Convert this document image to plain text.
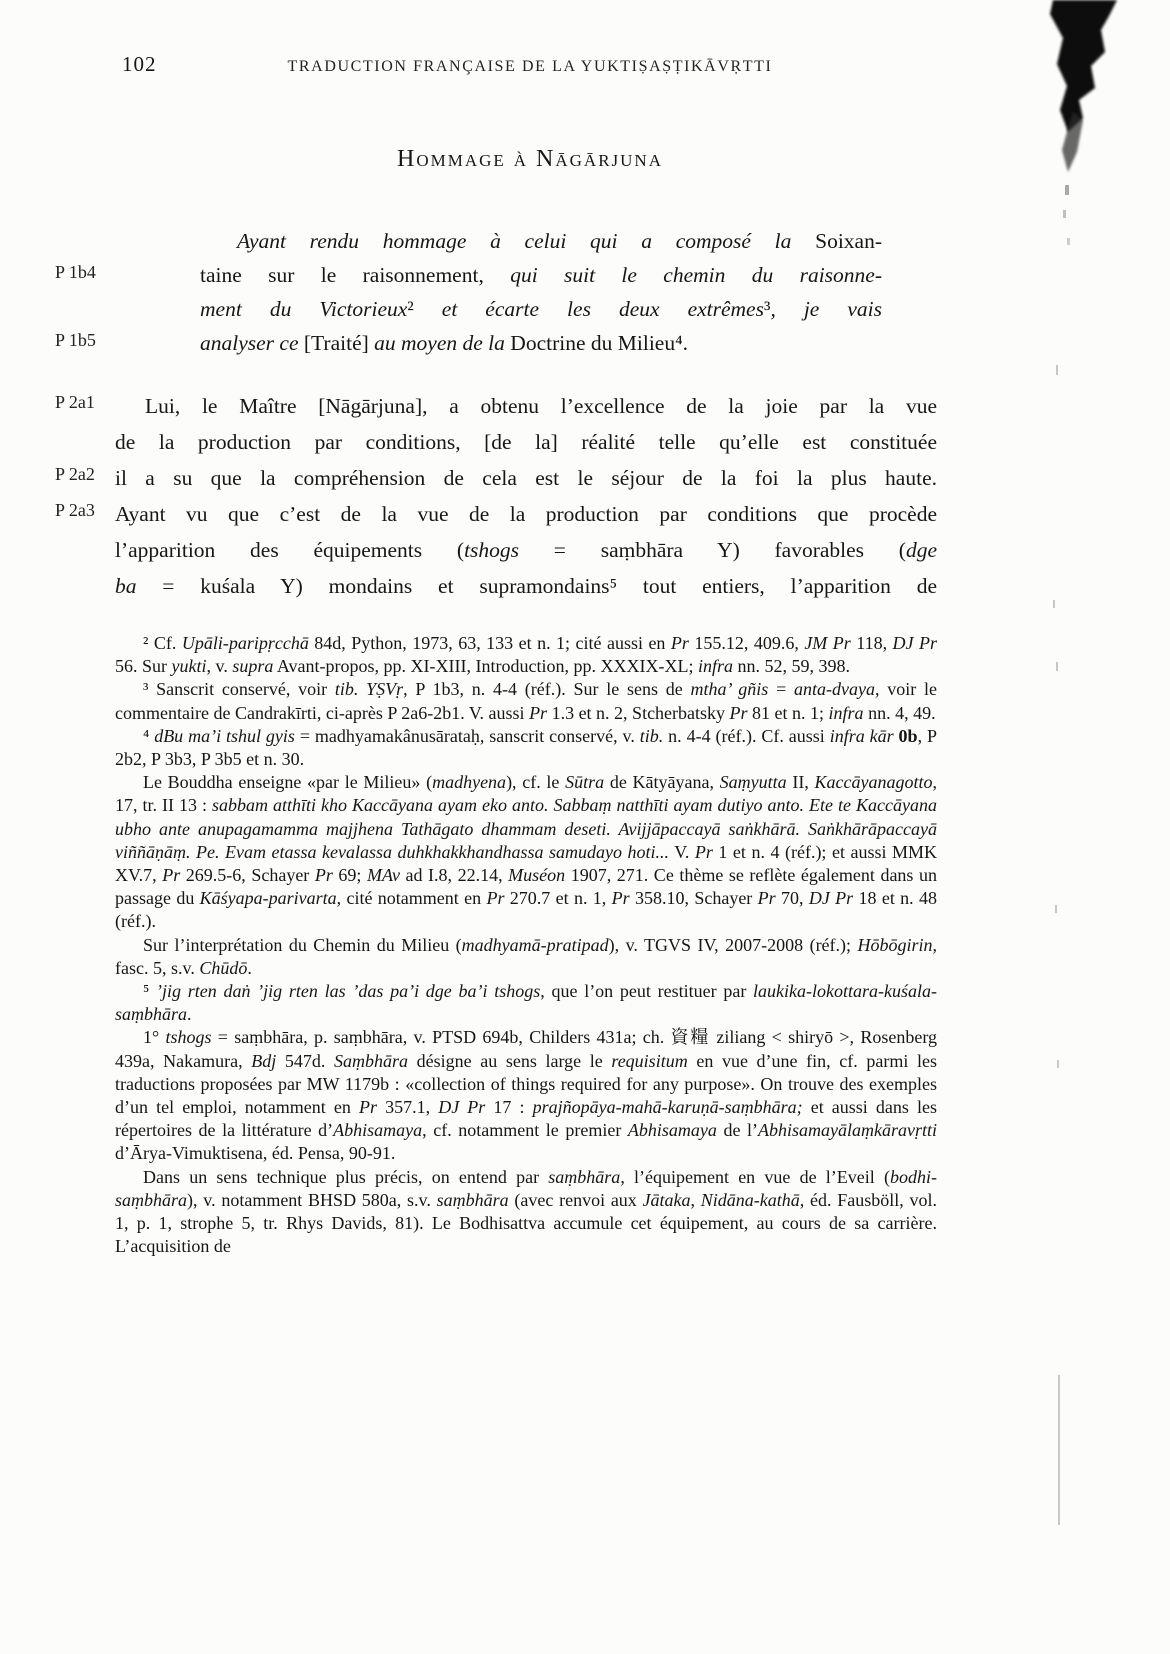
102	TRADUCTION FRANÇAISE DE LA YUKTIṢAṢṬIKĀVṚTTI
Hommage à Nāgārjuna
P 1b4
P 1b5
P 2a1
P 2a2
P 2a3
Ayant rendu hommage à celui qui a composé la Soixan-
taine sur le raisonnement, qui suit le chemin du raisonne-
ment du Victorieux² et écarte les deux extrêmes³, je vais
analyser ce [Traité] au moyen de la Doctrine du Milieu⁴.
Lui, le Maître [Nāgārjuna], a obtenu l’excellence de la joie par la vue
de la production par conditions, [de la] réalité telle qu’elle est constituée
il a su que la compréhension de cela est le séjour de la foi la plus haute.
Ayant vu que c’est de la vue de la production par conditions que procède
l’apparition des équipements (tshogs = saṃbhāra Y) favorables (dge
ba = kuśala Y) mondains et supramondains⁵ tout entiers, l’apparition de

² Cf. Upāli-paripṛcchā 84d, Python, 1973, 63, 133 et n. 1; cité aussi en Pr 155.12, 409.6, JM Pr 118, DJ Pr 56. Sur yukti, v. supra Avant-propos, pp. XI-XIII, Introduction, pp. XXXIX-XL; infra nn. 52, 59, 398.

³ Sanscrit conservé, voir tib. YṢVṛ, P 1b3, n. 4-4 (réf.). Sur le sens de mtha’ gñis = anta-dvaya, voir le commentaire de Candrakīrti, ci-après P 2a6-2b1. V. aussi Pr 1.3 et n. 2, Stcherbatsky Pr 81 et n. 1; infra nn. 4, 49.

⁴ dBu ma’i tshul gyis = madhyamakânusārataḥ, sanscrit conservé, v. tib. n. 4-4 (réf.). Cf. aussi infra kār 0b, P 2b2, P 3b3, P 3b5 et n. 30.

Le Bouddha enseigne «par le Milieu» (madhyena), cf. le Sūtra de Kātyāyana, Saṃyutta II, Kaccāyanagotto, 17, tr. II 13 : sabbam atthīti kho Kaccāyana ayam eko anto. Sabbaṃ natthīti ayam dutiyo anto. Ete te Kaccāyana ubho ante anupagamamma majjhena Tathāgato dhammam deseti. Avijjāpaccayā saṅkhārā. Saṅkhārāpaccayā viññāṇāṃ. Pe. Evam etassa kevalassa duhkhakkhandhassa samudayo hoti... V. Pr 1 et n. 4 (réf.); et aussi MMK XV.7, Pr 269.5-6, Schayer Pr 69; MAv ad I.8, 22.14, Muséon 1907, 271. Ce thème se reflète également dans un passage du Kāśyapa-parivarta, cité notamment en Pr 270.7 et n. 1, Pr 358.10, Schayer Pr 70, DJ Pr 18 et n. 48 (réf.).

Sur l’interprétation du Chemin du Milieu (madhyamā-pratipad), v. TGVS IV, 2007-2008 (réf.); Hōbōgirin, fasc. 5, s.v. Chūdō.

⁵ ’jig rten daṅ ’jig rten las ’das pa’i dge ba’i tshogs, que l’on peut restituer par laukika-lokottara-kuśala-saṃbhāra.

1° tshogs = saṃbhāra, p. saṃbhāra, v. PTSD 694b, Childers 431a; ch. 資糧 ziliang < shiryō >, Rosenberg 439a, Nakamura, Bdj 547d. Saṃbhāra désigne au sens large le requisitum en vue d’une fin, cf. parmi les traductions proposées par MW 1179b : «collection of things required for any purpose». On trouve des exemples d’un tel emploi, notamment en Pr 357.1, DJ Pr 17 : prajñopāya-mahā-karuṇā-saṃbhāra; et aussi dans les répertoires de la littérature d’Abhisamaya, cf. notamment le premier Abhisamaya de l’Abhisamayālaṃkāravṛtti d’Ārya-Vimuktisena, éd. Pensa, 90-91.

Dans un sens technique plus précis, on entend par saṃbhāra, l’équipement en vue de l’Eveil (bodhi-saṃbhāra), v. notamment BHSD 580a, s.v. saṃbhāra (avec renvoi aux Jātaka, Nidāna-kathā, éd. Fausböll, vol. 1, p. 1, strophe 5, tr. Rhys Davids, 81). Le Bodhisattva accumule cet équipement, au cours de sa carrière. L’acquisition de
